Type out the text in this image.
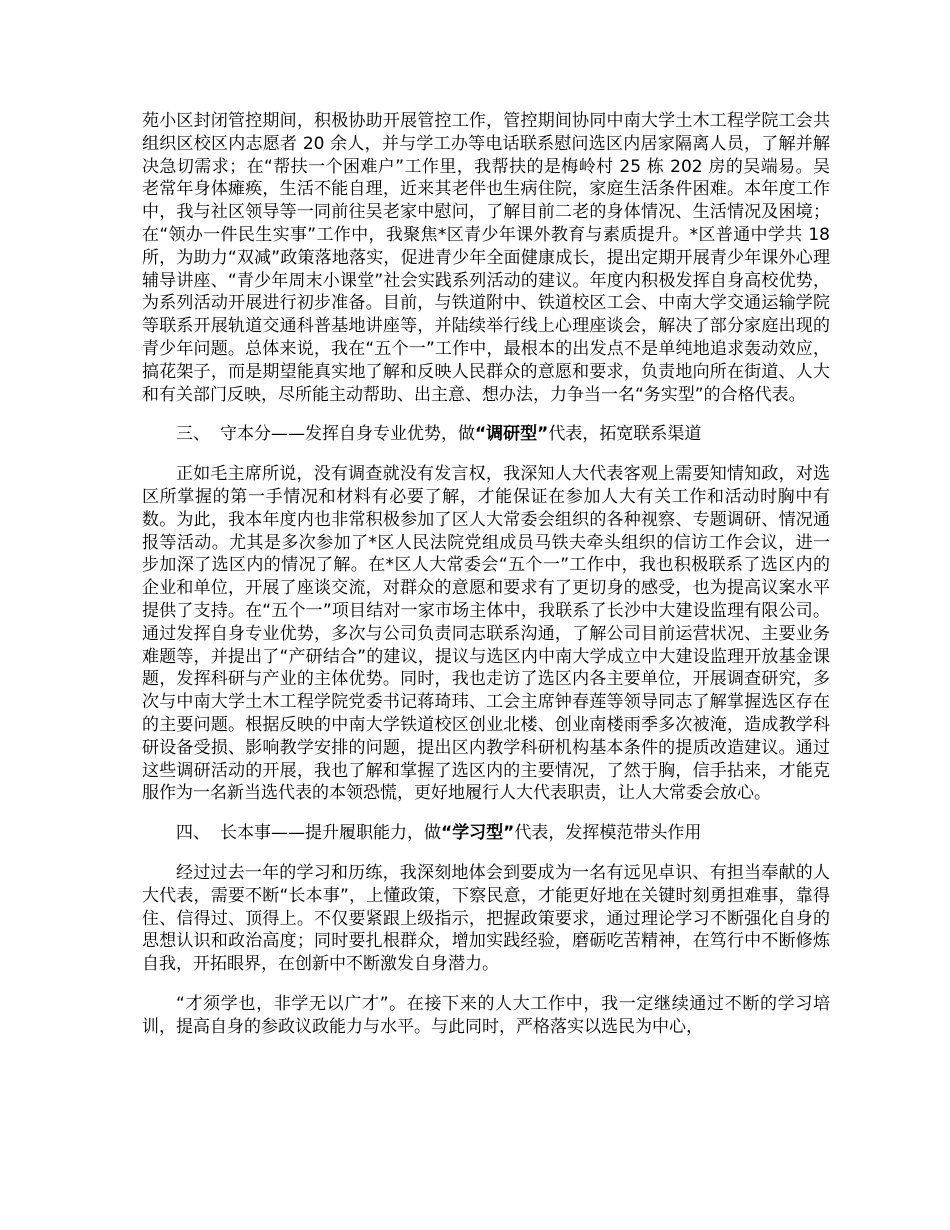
苑小区封闭管控期间，积极协助开展管控工作，管控期间协同中南大学土木工程学院工会共组织区校区内志愿者 20 余人，并与学工办等电话联系慰问选区内居家隔离人员，了解并解决急切需求；在“帮扶一个困难户”工作里，我帮扶的是梅岭村 25 栋 202 房的吴端易。吴老常年身体瘫痪，生活不能自理，近来其老伴也生病住院，家庭生活条件困难。本年度工作中，我与社区领导等一同前往吴老家中慰问，了解目前二老的身体情况、生活情况及困境；在“领办一件民生实事”工作中，我聚焦*区青少年课外教育与素质提升。*区普通中学共 18 所，为助力“双减”政策落地落实，促进青少年全面健康成长，提出定期开展青少年课外心理辅导讲座、“青少年周末小课堂”社会实践系列活动的建议。年度内积极发挥自身高校优势，为系列活动开展进行初步准备。目前，与铁道附中、铁道校区工会、中南大学交通运输学院等联系开展轨道交通科普基地讲座等，并陆续举行线上心理座谈会，解决了部分家庭出现的青少年问题。总体来说，我在“五个一”工作中，最根本的出发点不是单纯地追求轰动效应，搞花架子，而是期望能真实地了解和反映人民群众的意愿和要求，负责地向所在街道、人大和有关部门反映，尽所能主动帮助、出主意、想办法，力争当一名“务实型”的合格代表。

三、 守本分——发挥自身专业优势，做“调研型”代表，拓宽联系渠道

正如毛主席所说，没有调查就没有发言权，我深知人大代表客观上需要知情知政，对选区所掌握的第一手情况和材料有必要了解，才能保证在参加人大有关工作和活动时胸中有数。为此，我本年度内也非常积极参加了区人大常委会组织的各种视察、专题调研、情况通报等活动。尤其是多次参加了*区人民法院党组成员马铁夫牵头组织的信访工作会议，进一步加深了选区内的情况了解。在*区人大常委会“五个一”工作中，我也积极联系了选区内的企业和单位，开展了座谈交流，对群众的意愿和要求有了更切身的感受，也为提高议案水平提供了支持。在“五个一”项目结对一家市场主体中，我联系了长沙中大建设监理有限公司。通过发挥自身专业优势，多次与公司负责同志联系沟通，了解公司目前运营状况、主要业务难题等，并提出了“产研结合”的建议，提议与选区内中南大学成立中大建设监理开放基金课题，发挥科研与产业的主体优势。同时，我也走访了选区内各主要单位，开展调查研究，多次与中南大学土木工程学院党委书记蒋琦玮、工会主席钟春莲等领导同志了解掌握选区存在的主要问题。根据反映的中南大学铁道校区创业北楼、创业南楼雨季多次被淹，造成教学科研设备受损、影响教学安排的问题，提出区内教学科研机构基本条件的提质改造建议。通过这些调研活动的开展，我也了解和掌握了选区内的主要情况，了然于胸，信手拈来，才能克服作为一名新当选代表的本领恐慌，更好地履行人大代表职责，让人大常委会放心。

四、 长本事——提升履职能力，做“学习型”代表，发挥模范带头作用

经过过去一年的学习和历练，我深刻地体会到要成为一名有远见卓识、有担当奉献的人大代表，需要不断“长本事”，上懂政策，下察民意，才能更好地在关键时刻勇担难事，靠得住、信得过、顶得上。不仅要紧跟上级指示，把握政策要求，通过理论学习不断强化自身的思想认识和政治高度；同时要扎根群众，增加实践经验，磨砺吃苦精神，在笃行中不断修炼自我，开拓眼界，在创新中不断激发自身潜力。

“才须学也，非学无以广才”。在接下来的人大工作中，我一定继续通过不断的学习培训，提高自身的参政议政能力与水平。与此同时，严格落实以选民为中心，
